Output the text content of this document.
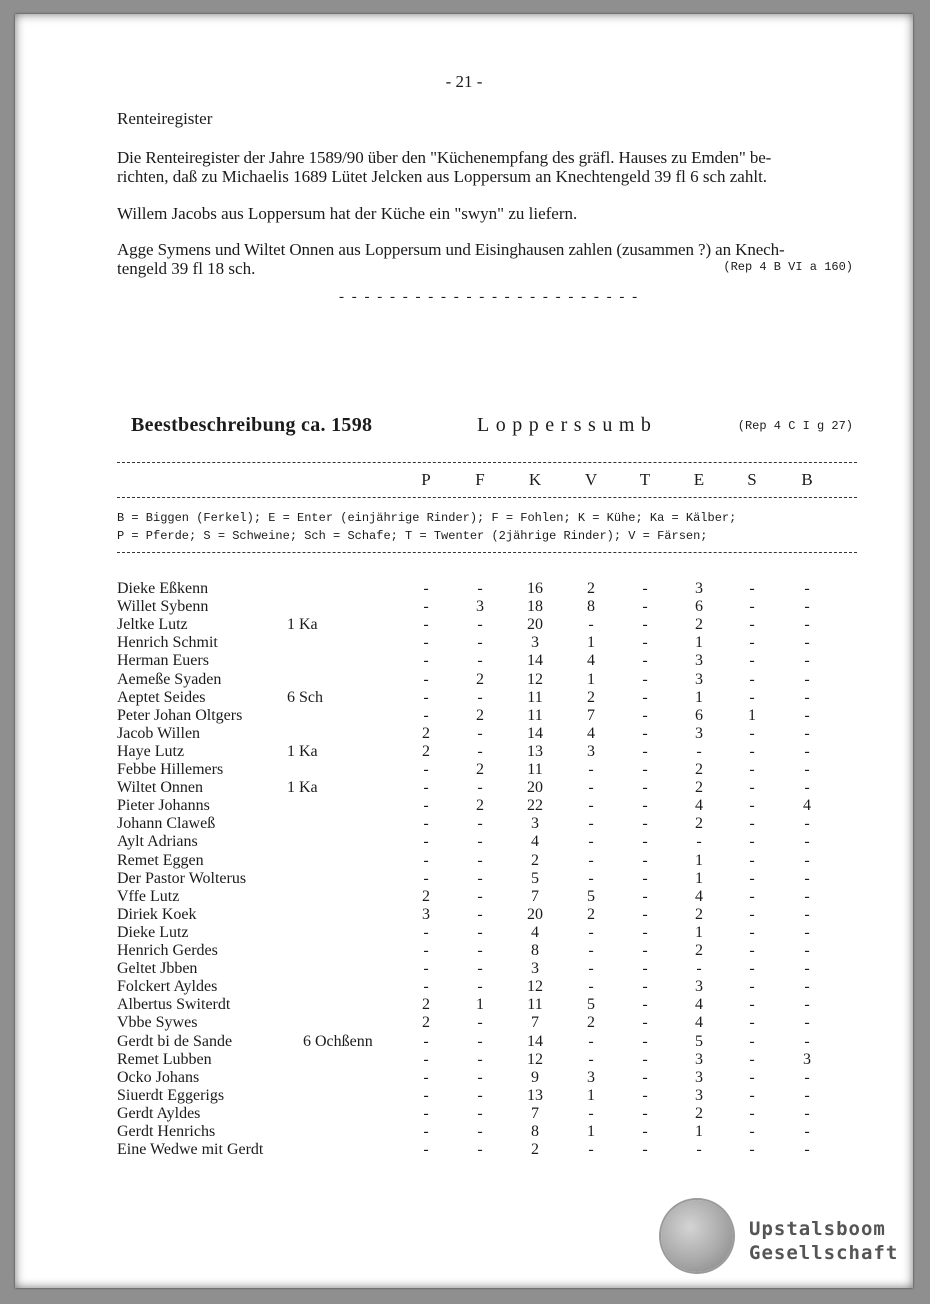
- 21 -
Renteiregister
Die Renteiregister der Jahre 1589/90 über den "Küchenempfang des gräfl. Hauses zu Emden" be-
richten, daß zu Michaelis 1689 Lütet Jelcken aus Loppersum an Knechtengeld 39 fl 6 sch zahlt.
Willem Jacobs aus Loppersum hat der Küche ein "swyn" zu liefern.
Agge Symens und Wiltet Onnen aus Loppersum und Eisinghausen zahlen (zusammen ?) an Knech-
tengeld 39 fl 18 sch.	(Rep 4 B VI a 160)
- - - - - - - - - - - - - - - - - - - - - - - -
Beestbeschreibung ca. 1598	Lopperssumb	(Rep 4 C I g 27)
P	F	K	V	T	E	S	B
B = Biggen (Ferkel); E = Enter (einjährige Rinder); F = Fohlen; K = Kühe; Ka = Kälber;
P = Pferde; S = Schweine; Sch = Schafe; T = Twenter (2jährige Rinder); V = Färsen;
Dieke Eßkenn	-	-	16	2	-	3	-	-
Willet Sybenn	-	3	18	8	-	6	-	-
Jeltke Lutz	1 Ka	-	-	20	-	-	2	-	-
Henrich Schmit	-	-	3	1	-	1	-	-
Herman Euers	-	-	14	4	-	3	-	-
Aemeße Syaden	-	2	12	1	-	3	-	-
Aeptet Seides	6 Sch	-	-	11	2	-	1	-	-
Peter Johan Oltgers	-	2	11	7	-	6	1	-
Jacob Willen	2	-	14	4	-	3	-	-
Haye Lutz	1 Ka	2	-	13	3	-	-	-	-
Febbe Hillemers	-	2	11	-	-	2	-	-
Wiltet Onnen	1 Ka	-	-	20	-	-	2	-	-
Pieter Johanns	-	2	22	-	-	4	-	4
Johann Claweß	-	-	3	-	-	2	-	-
Aylt Adrians	-	-	4	-	-	-	-	-
Remet Eggen	-	-	2	-	-	1	-	-
Der Pastor Wolterus	-	-	5	-	-	1	-	-
Vffe Lutz	2	-	7	5	-	4	-	-
Diriek Koek	3	-	20	2	-	2	-	-
Dieke Lutz	-	-	4	-	-	1	-	-
Henrich Gerdes	-	-	8	-	-	2	-	-
Geltet Jbben	-	-	3	-	-	-	-	-
Folckert Ayldes	-	-	12	-	-	3	-	-
Albertus Switerdt	2	1	11	5	-	4	-	-
Vbbe Sywes	2	-	7	2	-	4	-	-
Gerdt bi de Sande	6 Ochßenn	-	-	14	-	-	5	-	-
Remet Lubben	-	-	12	-	-	3	-	3
Ocko Johans	-	-	9	3	-	3	-	-
Siuerdt Eggerigs	-	-	13	1	-	3	-	-
Gerdt Ayldes	-	-	7	-	-	2	-	-
Gerdt Henrichs	-	-	8	1	-	1	-	-
Eine Wedwe mit Gerdt	-	-	2	-	-	-	-	-
Upstalsboom
Gesellschaft
